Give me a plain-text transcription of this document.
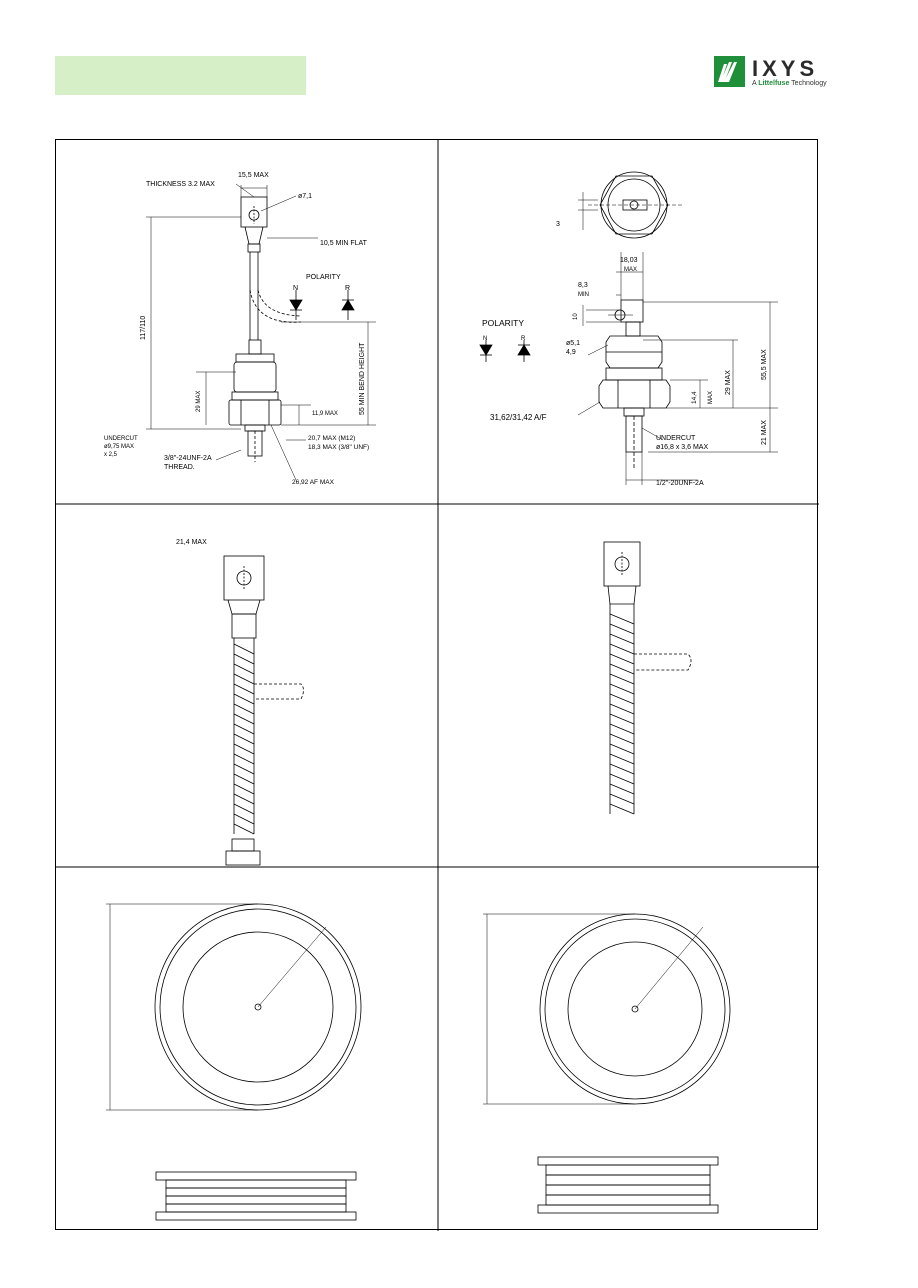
IXYS
A Littelfuse Technology
THICKNESS 3.2 MAX
15,5 MAX
ø7,1
10,5 MIN FLAT
117/110
POLARITY
N	R
55 MIN BEND HEIGHT
29 MAX
11,9 MAX
20,7 MAX (M12)
18,3 MAX (3/8" UNF)
UNDERCUT
ø9,75 MAX
x 2,5	3/8"-24UNF-2A
THREAD.
26,92 AF MAX
3
18,03
MAX
8,3
MIN
10
POLARITY
N	R
ø5,1
4,9	55,5 MAX
29 MAX
14,4 MAX
31,62/31,42 A/F
UNDERCUT
ø16,8 x 3,6 MAX
21 MAX
1/2"-20UNF-2A
21,4 MAX
